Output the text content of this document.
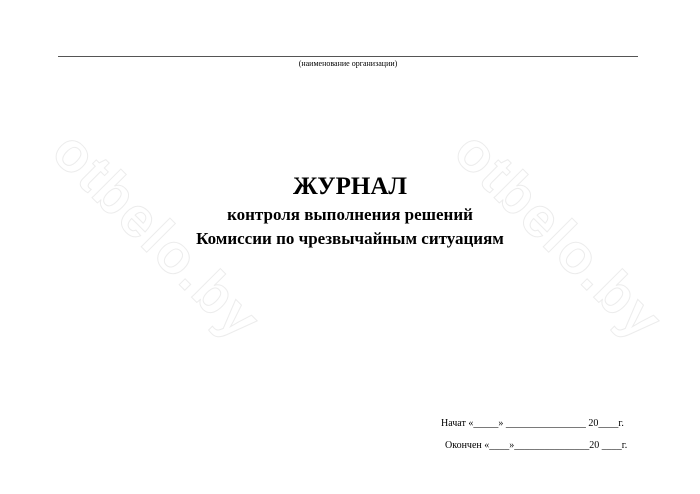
(наименование организации)
otbelo.by	otbelo.by
ЖУРНАЛ
контроля выполнения решений
Комиссии по чрезвычайным ситуациям
Начат «_____» ________________ 20____г.
Окончен «____»_______________20 ____г.
